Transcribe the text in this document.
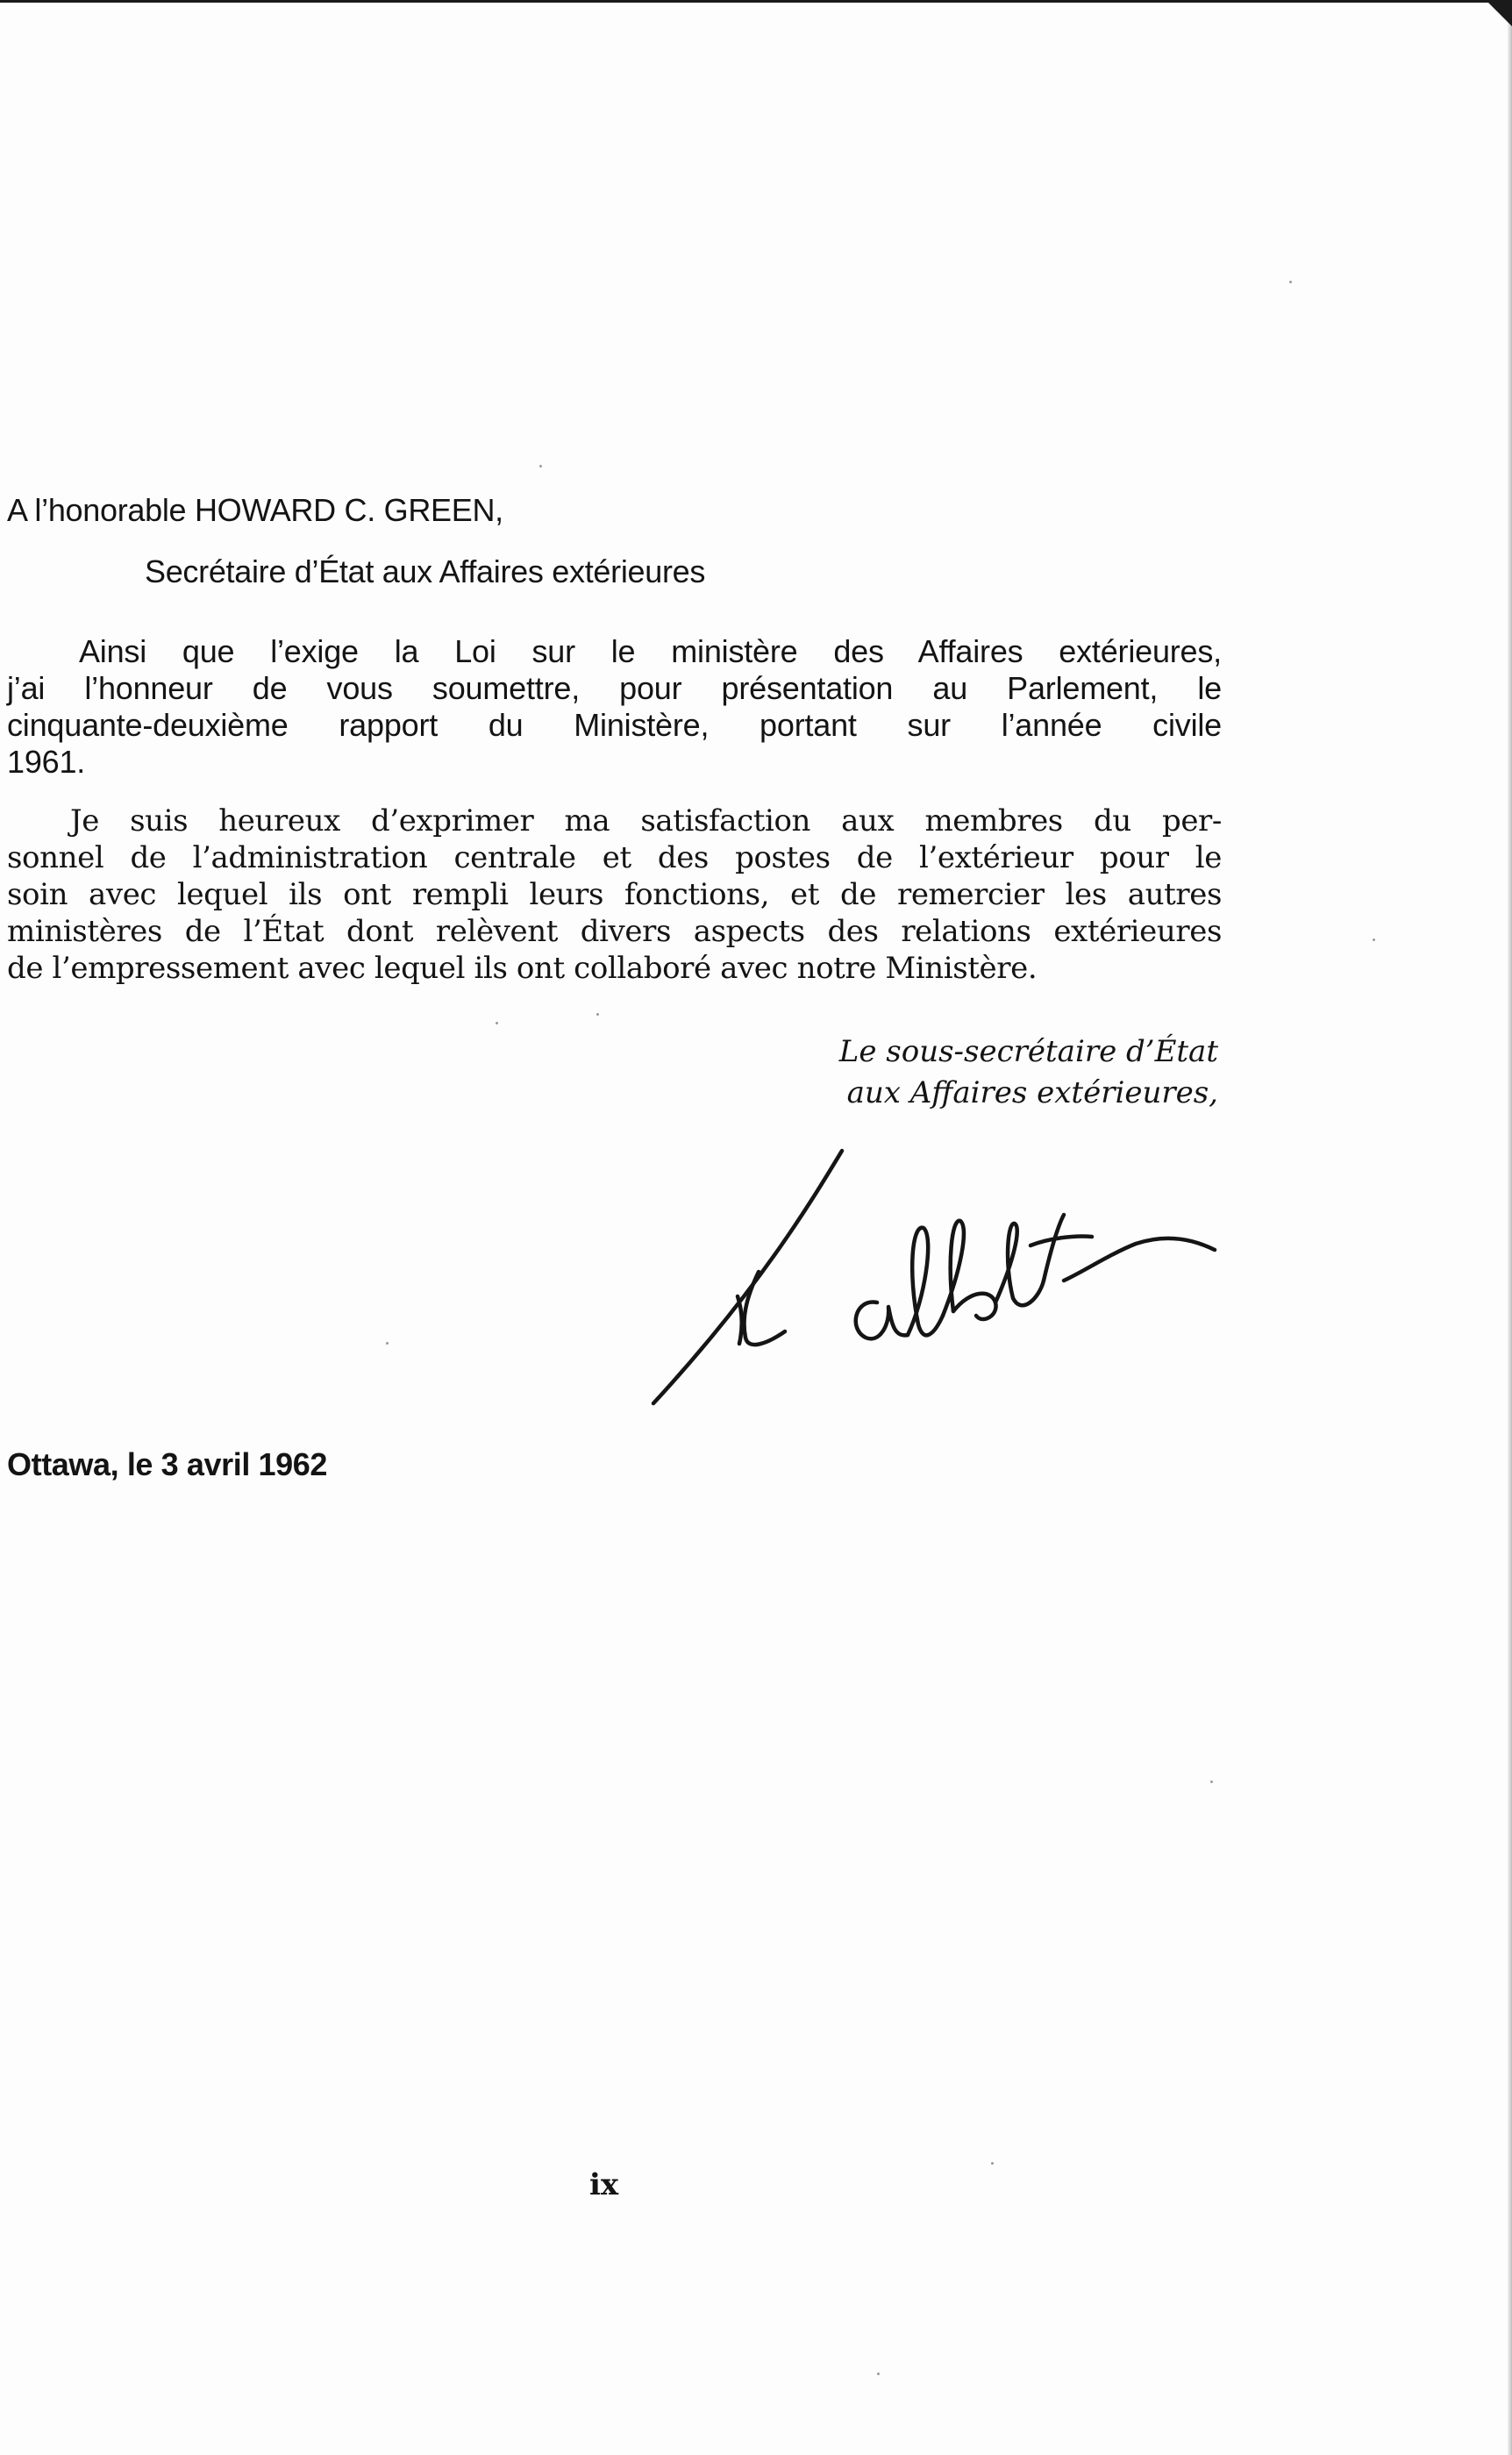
A l’honorable HOWARD C. GREEN,
Secrétaire d’État aux Affaires extérieures
Ainsi que l’exige la Loi sur le ministère des Affaires extérieures,
j’ai l’honneur de vous soumettre, pour présentation au Parlement, le
cinquante-deuxième rapport du Ministère, portant sur l’année civile
1961.
Je suis heureux d’exprimer ma satisfaction aux membres du per-
sonnel de l’administration centrale et des postes de l’extérieur pour le
soin avec lequel ils ont rempli leurs fonctions, et de remercier les autres
ministères de l’État dont relèvent divers aspects des relations extérieures
de l’empressement avec lequel ils ont collaboré avec notre Ministère.
Le sous-secrétaire d’État
aux Affaires extérieures,
Ottawa, le 3 avril 1962
ix
